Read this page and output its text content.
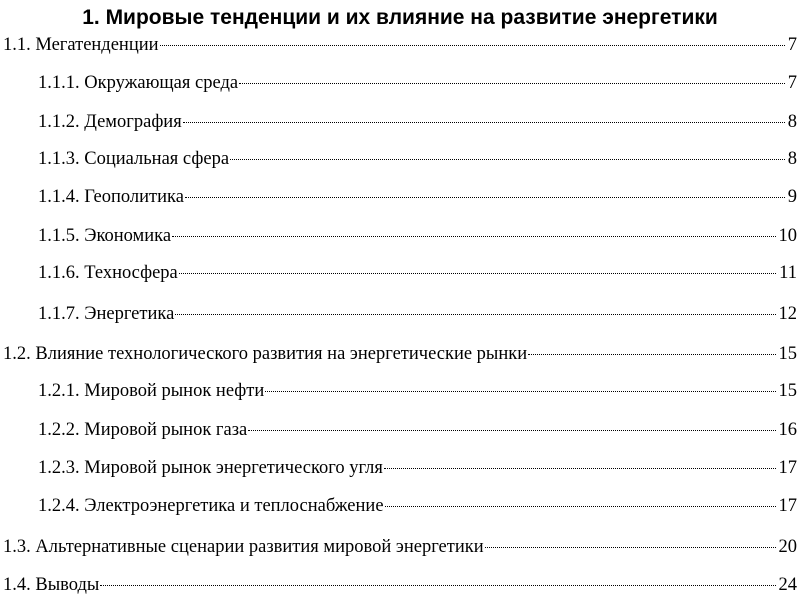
1. Мировые тенденции и их влияние на развитие энергетики
1.1. Мегатенденции	7
1.1.1. Окружающая среда	7
1.1.2. Демография	8
1.1.3. Социальная сфера	8
1.1.4. Геополитика	9
1.1.5. Экономика	10
1.1.6. Техносфера	11
1.1.7. Энергетика	12
1.2. Влияние технологического развития на энергетические рынки	15
1.2.1. Мировой рынок нефти	15
1.2.2. Мировой рынок газа	16
1.2.3. Мировой рынок энергетического угля	17
1.2.4. Электроэнергетика и теплоснабжение	17
1.3. Альтернативные сценарии развития мировой энергетики	20
1.4. Выводы	24
